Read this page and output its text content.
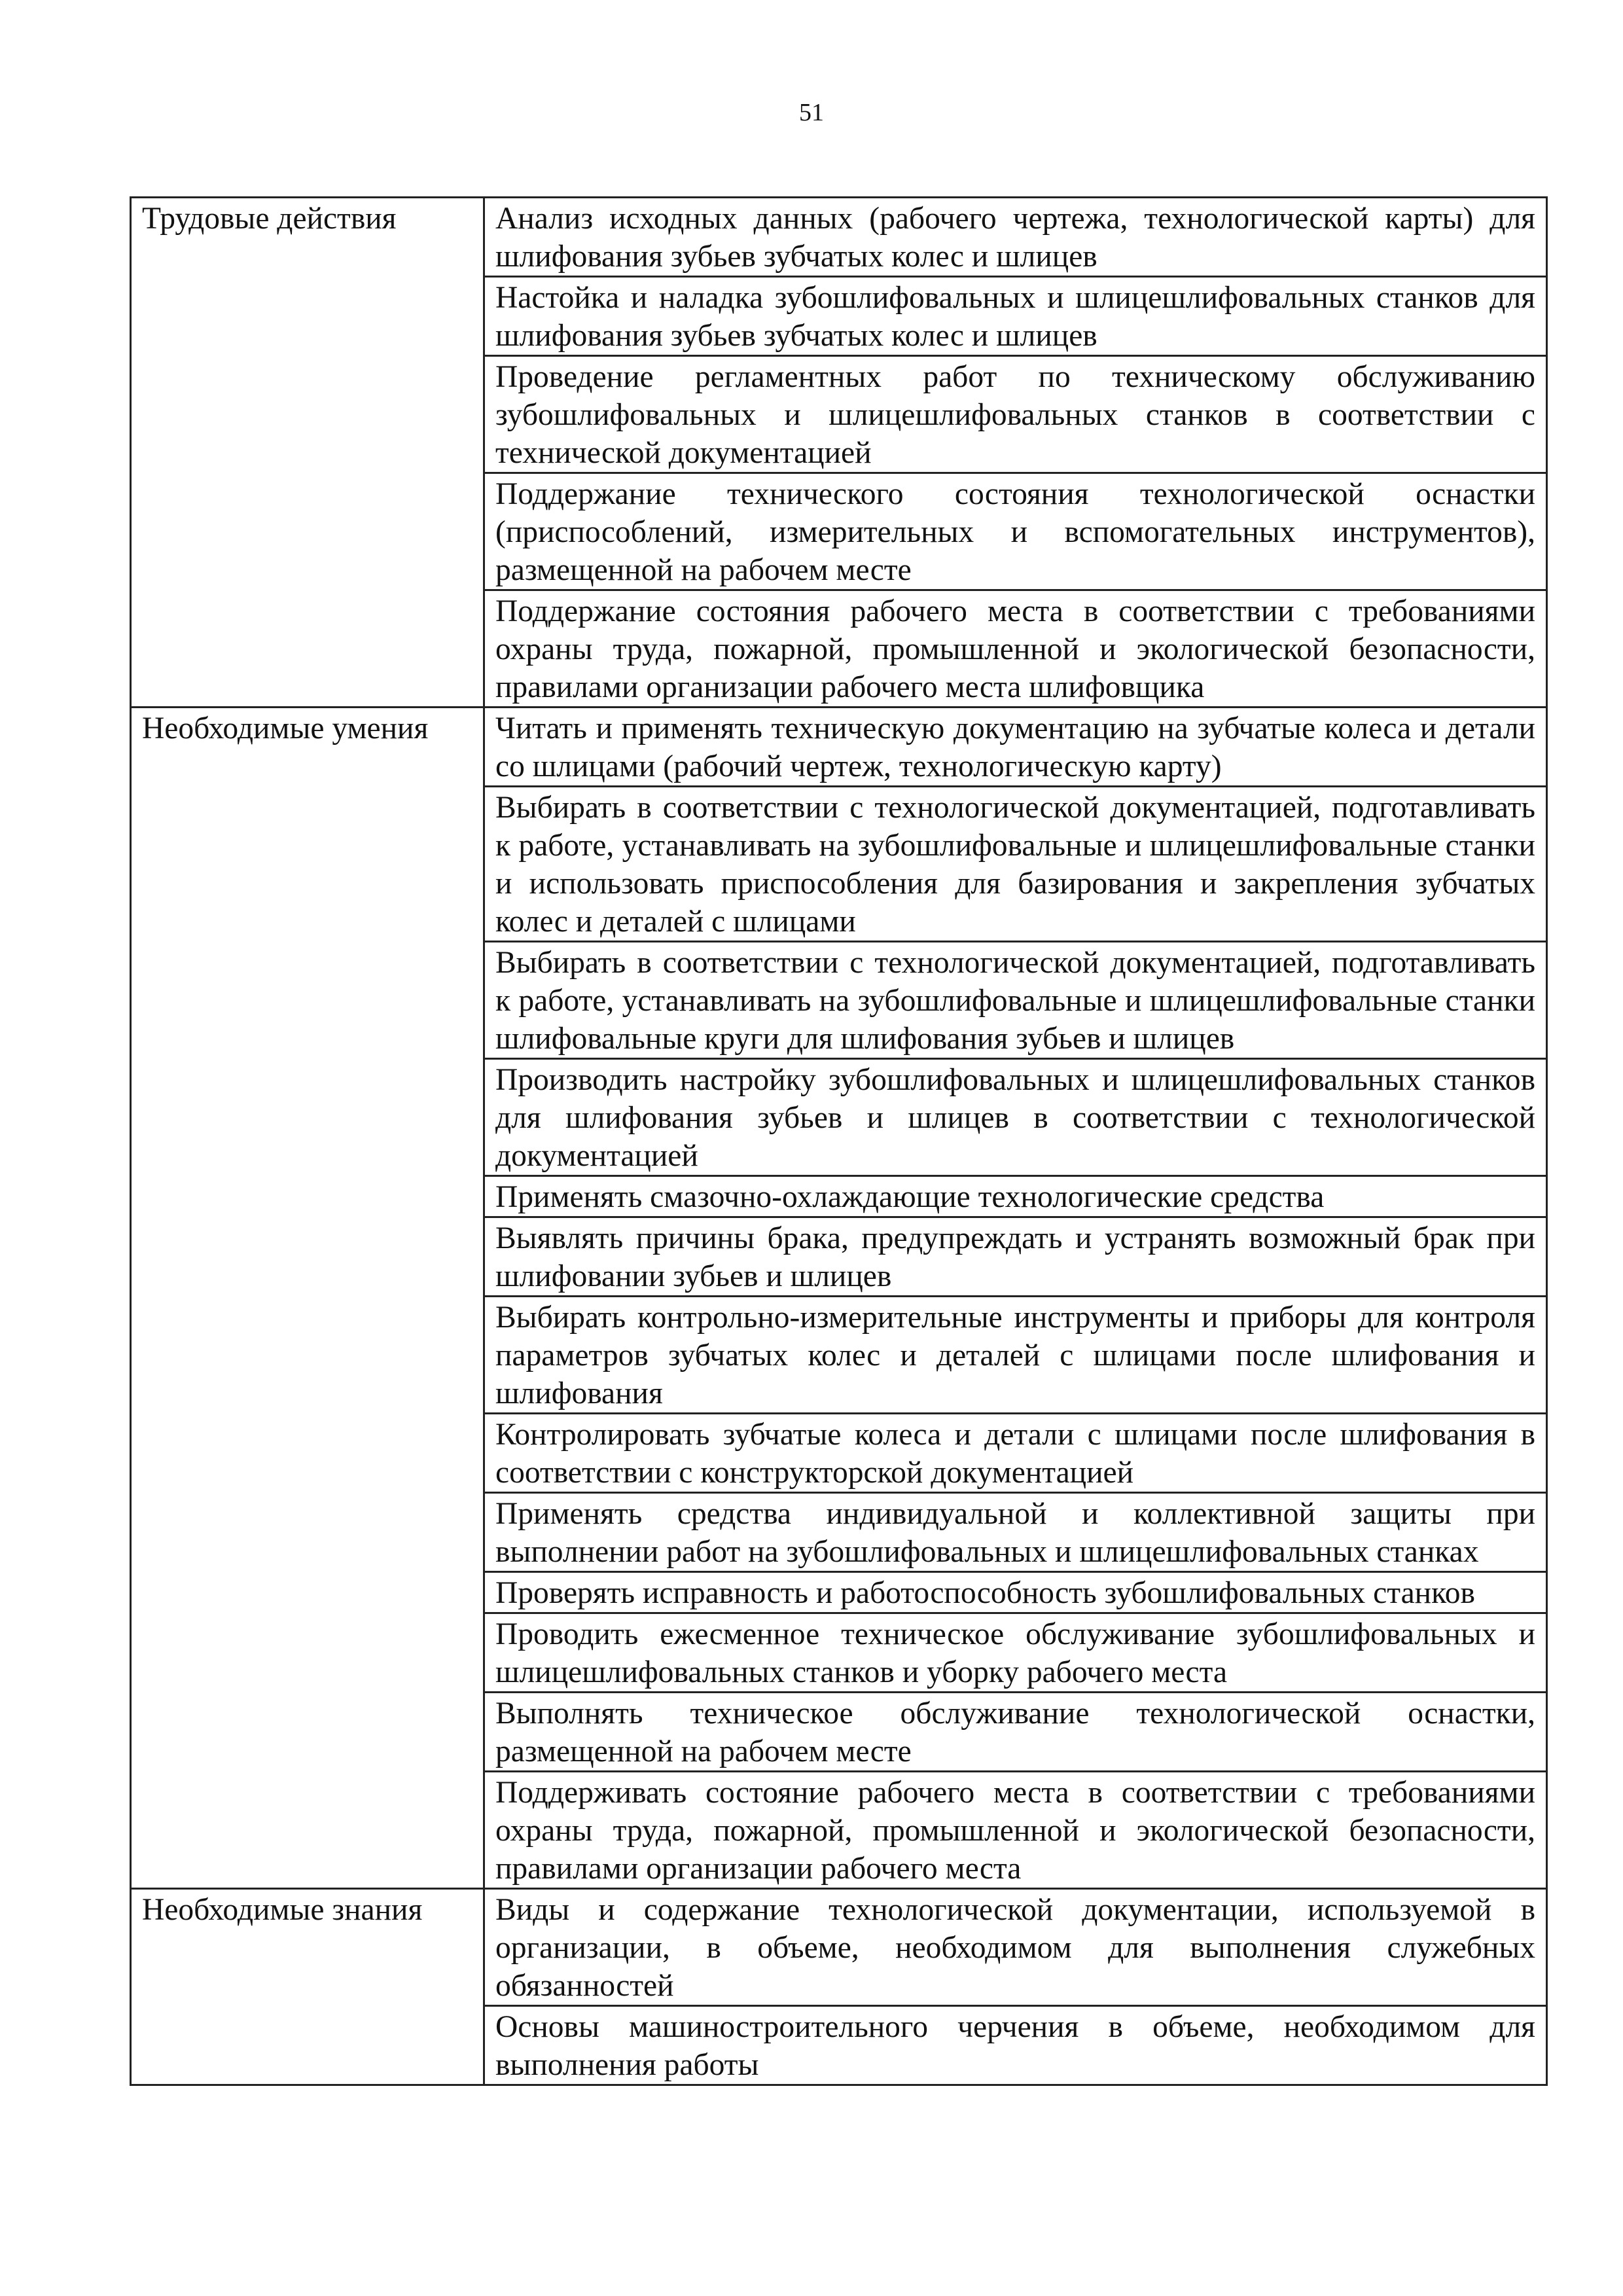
51
Трудовые действия	Анализ исходных данных (рабочего чертежа, технологической карты) для шлифования зубьев зубчатых колес и шлицев
	Настойка и наладка зубошлифовальных и шлицешлифовальных станков для шлифования зубьев зубчатых колес и шлицев
	Проведение регламентных работ по техническому обслуживанию зубошлифовальных и шлицешлифовальных станков в соответствии с технической документацией
	Поддержание технического состояния технологической оснастки (приспособлений, измерительных и вспомогательных инструментов), размещенной на рабочем месте
	Поддержание состояния рабочего места в соответствии с требованиями охраны труда, пожарной, промышленной и экологической безопасности, правилами организации рабочего места шлифовщика
Необходимые умения	Читать и применять техническую документацию на зубчатые колеса и детали со шлицами (рабочий чертеж, технологическую карту)
	Выбирать в соответствии с технологической документацией, подготавливать к работе, устанавливать на зубошлифовальные и шлицешлифовальные станки и использовать приспособления для базирования и закрепления зубчатых колес и деталей с шлицами
	Выбирать в соответствии с технологической документацией, подготавливать к работе, устанавливать на зубошлифовальные и шлицешлифовальные станки шлифовальные круги для шлифования зубьев и шлицев
	Производить настройку зубошлифовальных и шлицешлифовальных станков для шлифования зубьев и шлицев в соответствии с технологической документацией
	Применять смазочно-охлаждающие технологические средства
	Выявлять причины брака, предупреждать и устранять возможный брак при шлифовании зубьев и шлицев
	Выбирать контрольно-измерительные инструменты и приборы для контроля параметров зубчатых колес и деталей с шлицами после шлифования и шлифования
	Контролировать зубчатые колеса и детали с шлицами после шлифования в соответствии с конструкторской документацией
	Применять средства индивидуальной и коллективной защиты при выполнении работ на зубошлифовальных и шлицешлифовальных станках
	Проверять исправность и работоспособность зубошлифовальных станков
	Проводить ежесменное техническое обслуживание зубошлифовальных и шлицешлифовальных станков и уборку рабочего места
	Выполнять техническое обслуживание технологической оснастки, размещенной на рабочем месте
	Поддерживать состояние рабочего места в соответствии с требованиями охраны труда, пожарной, промышленной и экологической безопасности, правилами организации рабочего места
Необходимые знания	Виды и содержание технологической документации, используемой в организации, в объеме, необходимом для выполнения служебных обязанностей
	Основы машиностроительного черчения в объеме, необходимом для выполнения работы
